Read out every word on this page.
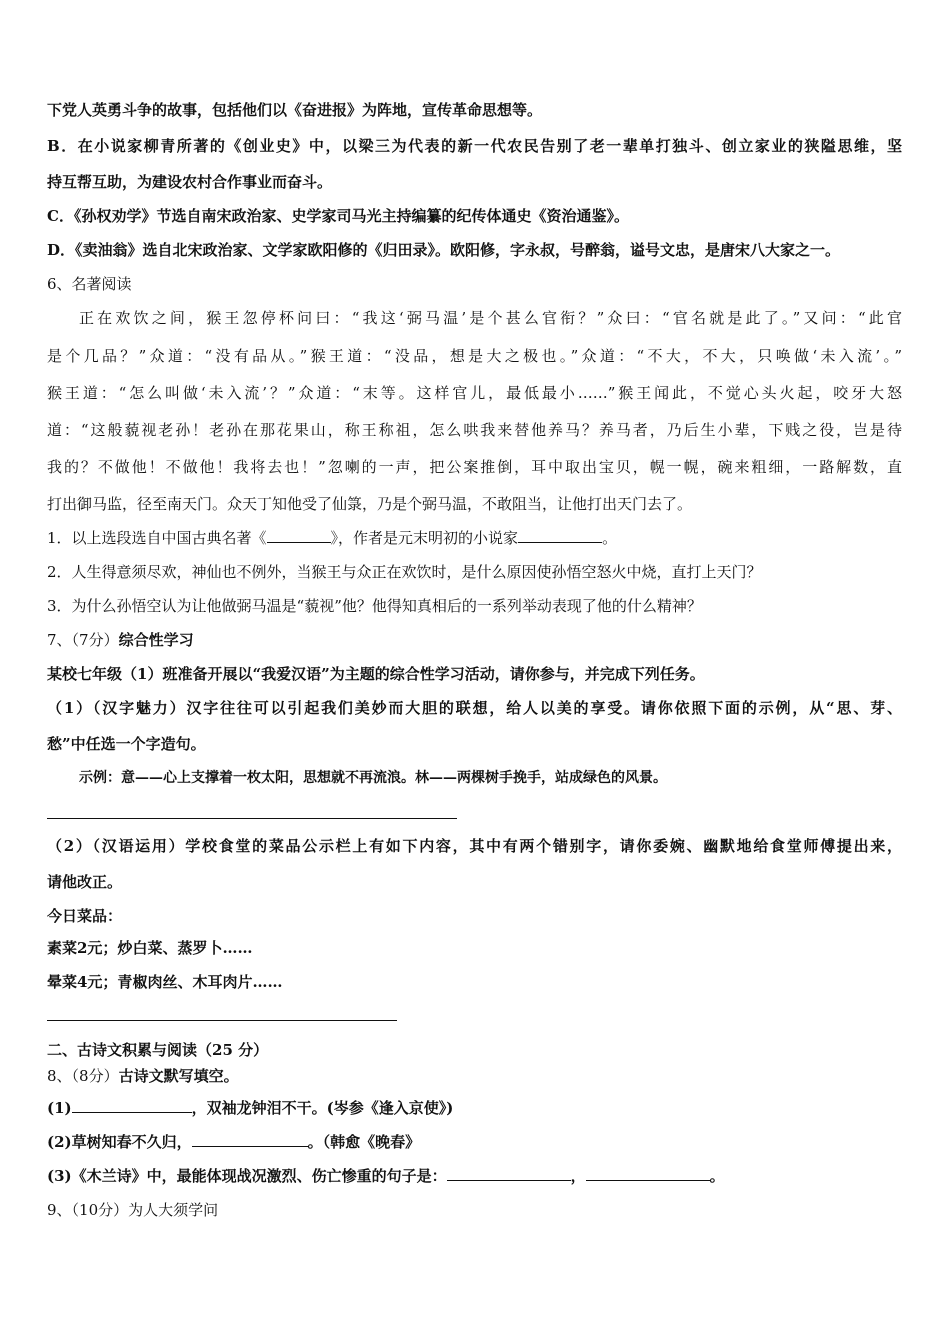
下党人英勇斗争的故事，包括他们以《奋进报》为阵地，宣传革命思想等。
B．在小说家柳青所著的《创业史》中，以梁三为代表的新一代农民告别了老一辈单打独斗、创立家业的狭隘思维，坚
持互帮互助，为建设农村合作事业而奋斗。
C．《孙权劝学》节选自南宋政治家、史学家司马光主持编纂的纪传体通史《资治通鉴》。
D．《卖油翁》选自北宋政治家、文学家欧阳修的《归田录》。欧阳修，字永叔，号醉翁，谥号文忠，是唐宋八大家之一。
6、名著阅读
正在欢饮之间，猴王忽停杯问曰：“我这‘弼马温’是个甚么官衔？”众曰：“官名就是此了。”又问：“此官
是个几品？”众道：“没有品从。”猴王道：“没品，想是大之极也。”众道：“不大，不大，只唤做‘未入流’。”
猴王道：“怎么叫做‘未入流’？”众道：“末等。这样官儿，最低最小……”猴王闻此，不觉心头火起，咬牙大怒
道：“这般藐视老孙！老孙在那花果山，称王称祖，怎么哄我来替他养马？养马者，乃后生小辈，下贱之役，岂是待
我的？不做他！不做他！我将去也！”忽喇的一声，把公案推倒，耳中取出宝贝，幌一幌，碗来粗细，一路解数，直
打出御马监，径至南天门。众天丁知他受了仙箓，乃是个弼马温，不敢阻当，让他打出天门去了。
1．以上选段选自中国古典名著《	》，作者是元末明初的小说家	。
2．人生得意须尽欢，神仙也不例外，当猴王与众正在欢饮时，是什么原因使孙悟空怒火中烧，直打上天门？
3．为什么孙悟空认为让他做弼马温是“藐视”他？他得知真相后的一系列举动表现了他的什么精神？
7、（7分）综合性学习
某校七年级（1）班准备开展以“我爱汉语”为主题的综合性学习活动，请你参与，并完成下列任务。
（1）（汉字魅力）汉字往往可以引起我们美妙而大胆的联想，给人以美的享受。请你依照下面的示例，从“思、芽、
愁”中任选一个字造句。
示例：意——心上支撑着一枚太阳，思想就不再流浪。林——两棵树手挽手，站成绿色的风景。
（2）（汉语运用）学校食堂的菜品公示栏上有如下内容，其中有两个错别字，请你委婉、幽默地给食堂师傅提出来，
请他改正。
今日菜品：
素菜2元；炒白菜、蒸罗卜……
晕菜4元；青椒肉丝、木耳肉片……
二、古诗文积累与阅读（25 分）
8、（8分）古诗文默写填空。
(1)	，双袖龙钟泪不干。(岑参《逢入京使》)
(2)草树知春不久归，	。（韩愈《晚春》
(3)《木兰诗》中，最能体现战况激烈、伤亡惨重的句子是：	，	。
9、（10分）为人大须学问
